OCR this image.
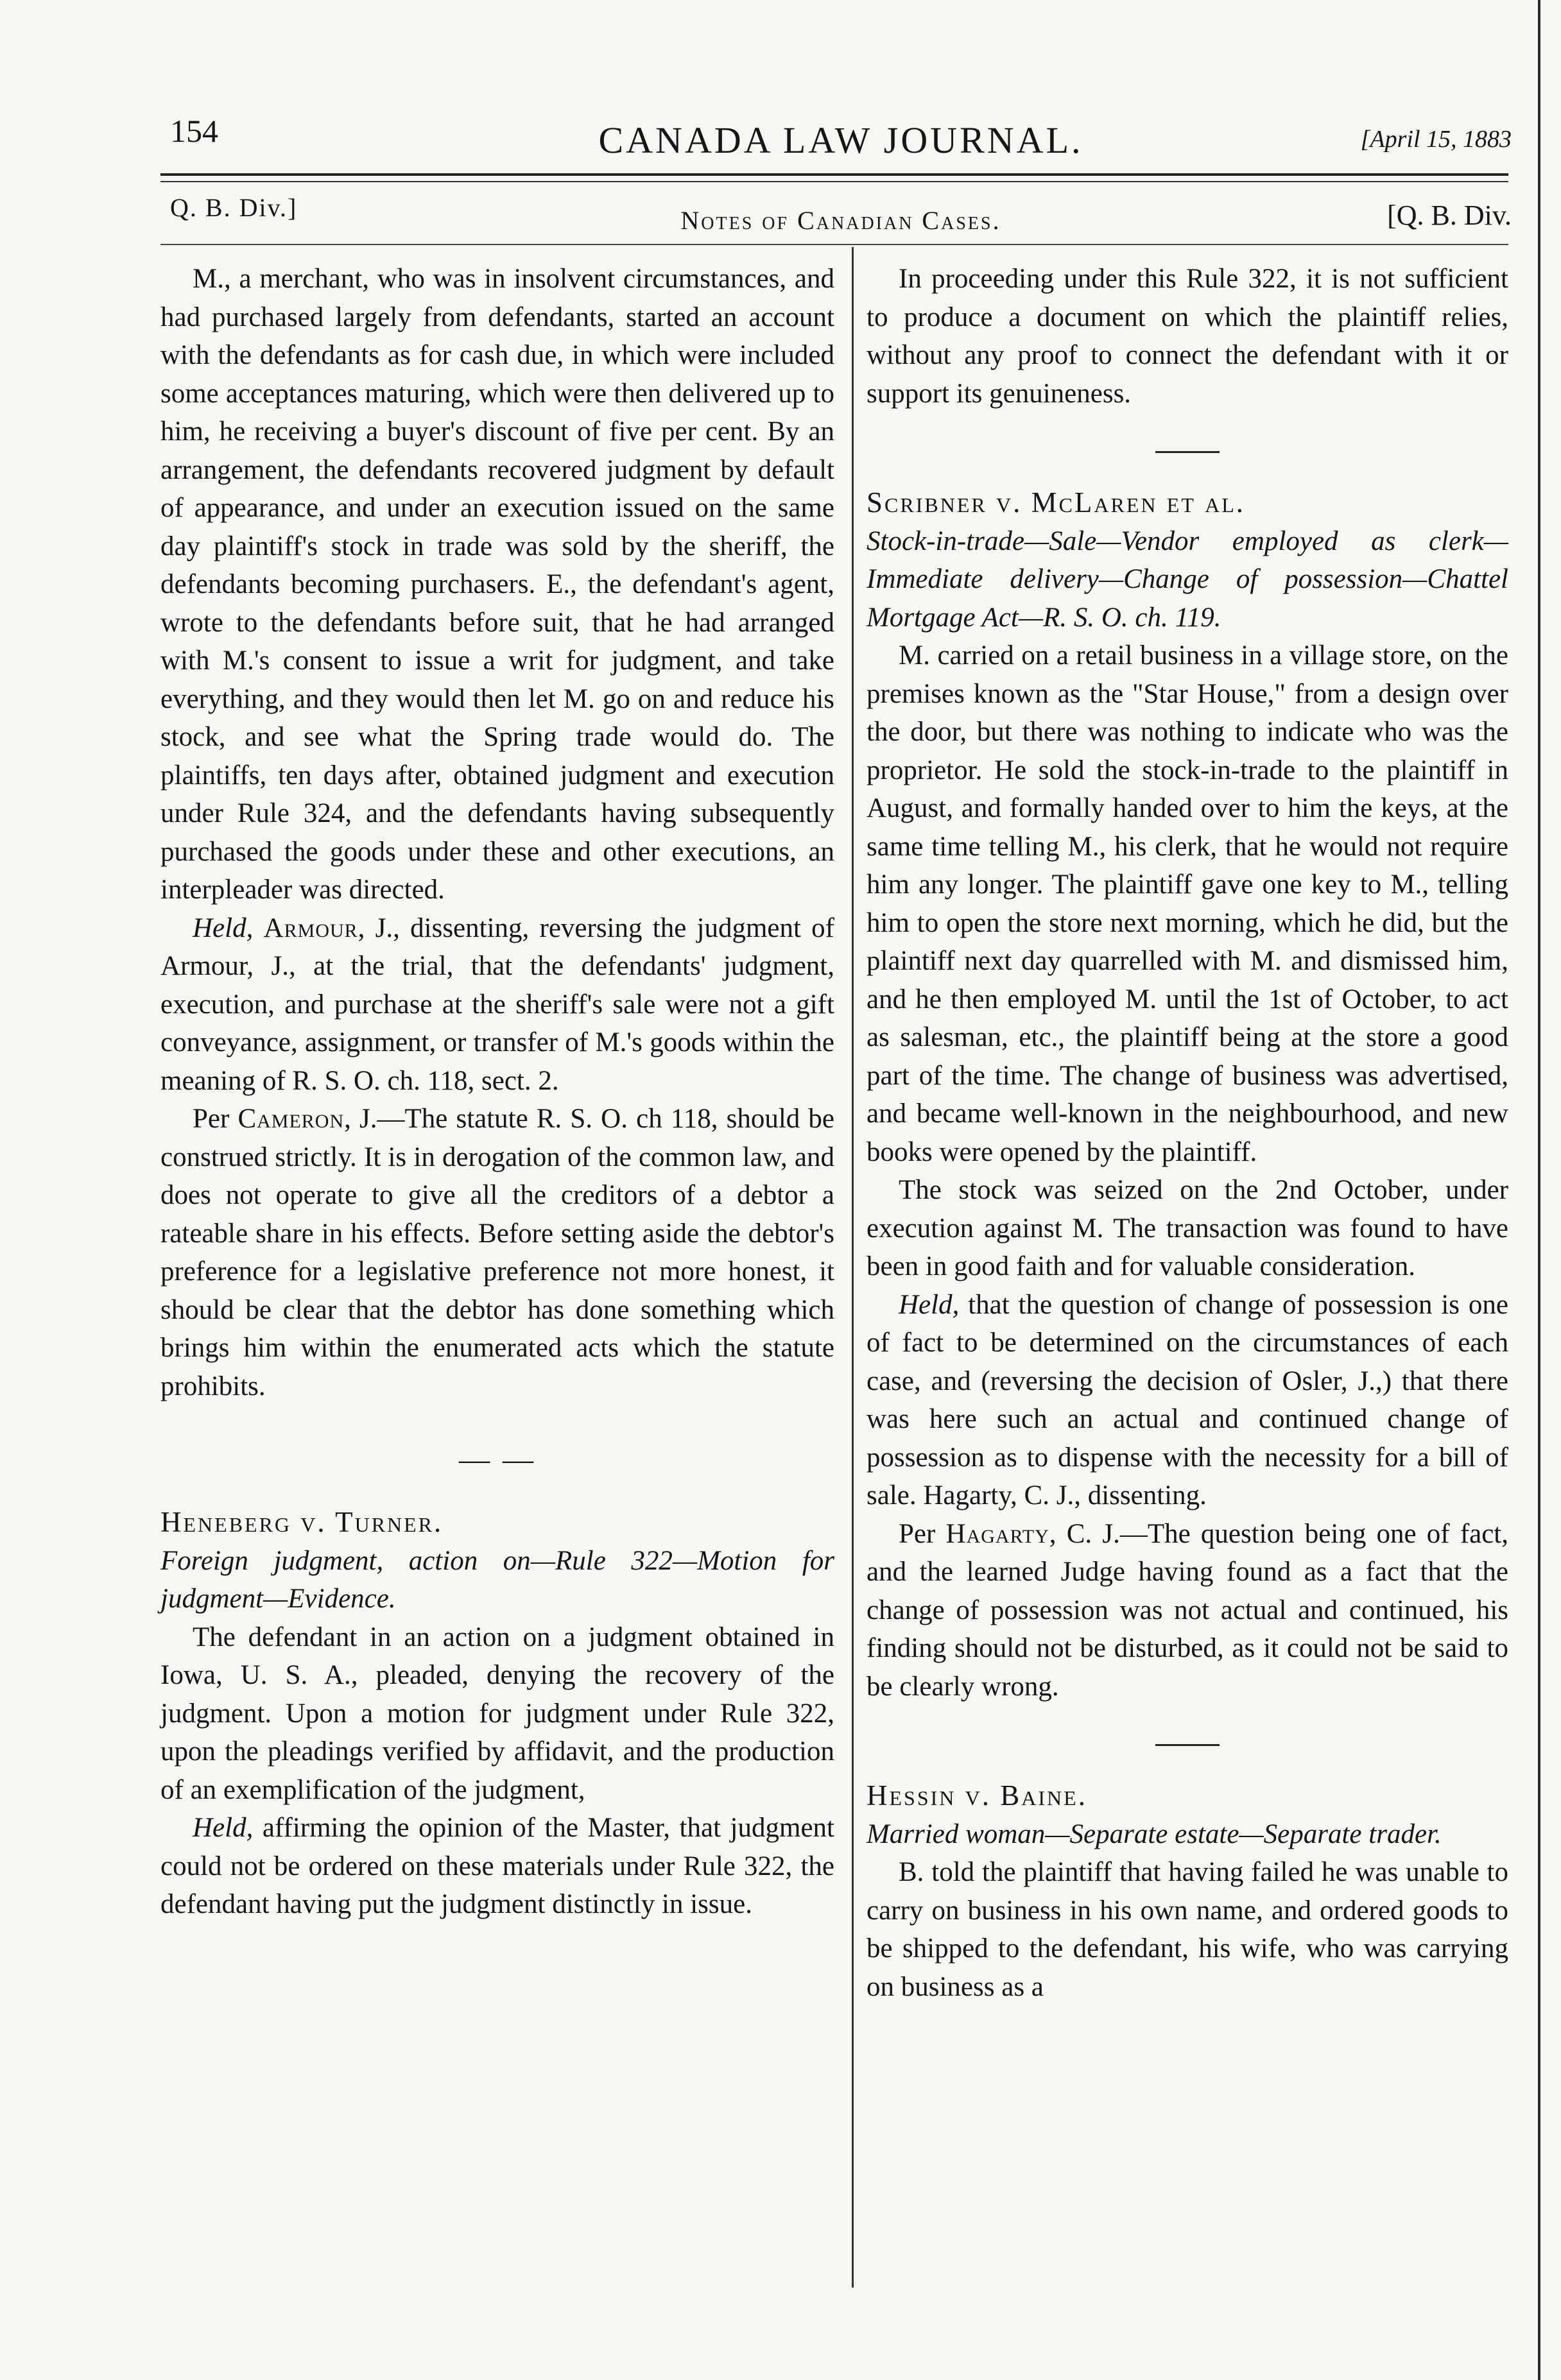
154	CANADA LAW JOURNAL.	[April 15, 1883
Q. B. Div.]	Notes of Canadian Cases.	[Q. B. Div.

M., a merchant, who was in insolvent circumstances, and had purchased largely from defendants, started an account with the defendants as for cash due, in which were included some acceptances maturing, which were then delivered up to him, he receiving a buyer's discount of five per cent. By an arrangement, the defendants recovered judgment by default of appearance, and under an execution issued on the same day plaintiff's stock in trade was sold by the sheriff, the defendants becoming purchasers. E., the defendant's agent, wrote to the defendants before suit, that he had arranged with M.'s consent to issue a writ for judgment, and take everything, and they would then let M. go on and reduce his stock, and see what the Spring trade would do. The plaintiffs, ten days after, obtained judgment and execution under Rule 324, and the defendants having subsequently purchased the goods under these and other executions, an interpleader was directed.

Held, Armour, J., dissenting, reversing the judgment of Armour, J., at the trial, that the defendants' judgment, execution, and purchase at the sheriff's sale were not a gift conveyance, assignment, or transfer of M.'s goods within the meaning of R. S. O. ch. 118, sect. 2.

Per Cameron, J.—The statute R. S. O. ch 118, should be construed strictly. It is in derogation of the common law, and does not operate to give all the creditors of a debtor a rateable share in his effects. Before setting aside the debtor's preference for a legislative preference not more honest, it should be clear that the debtor has done something which brings him within the enumerated acts which the statute prohibits.

— —

Heneberg v. Turner.

Foreign judgment, action on—Rule 322—Motion for judgment—Evidence.

The defendant in an action on a judgment obtained in Iowa, U. S. A., pleaded, denying the recovery of the judgment. Upon a motion for judgment under Rule 322, upon the pleadings verified by affidavit, and the production of an exemplification of the judgment,

Held, affirming the opinion of the Master, that judgment could not be ordered on these materials under Rule 322, the defendant having put the judgment distinctly in issue.

In proceeding under this Rule 322, it is not sufficient to produce a document on which the plaintiff relies, without any proof to connect the defendant with it or support its genuineness.

Scribner v. McLaren et al.

Stock-in-trade—Sale—Vendor employed as clerk—Immediate delivery—Change of possession—Chattel Mortgage Act—R. S. O. ch. 119.

M. carried on a retail business in a village store, on the premises known as the "Star House," from a design over the door, but there was nothing to indicate who was the proprietor. He sold the stock-in-trade to the plaintiff in August, and formally handed over to him the keys, at the same time telling M., his clerk, that he would not require him any longer. The plaintiff gave one key to M., telling him to open the store next morning, which he did, but the plaintiff next day quarrelled with M. and dismissed him, and he then employed M. until the 1st of October, to act as salesman, etc., the plaintiff being at the store a good part of the time. The change of business was advertised, and became well-known in the neighbourhood, and new books were opened by the plaintiff.

The stock was seized on the 2nd October, under execution against M. The transaction was found to have been in good faith and for valuable consideration.

Held, that the question of change of possession is one of fact to be determined on the circumstances of each case, and (reversing the decision of Osler, J.,) that there was here such an actual and continued change of possession as to dispense with the necessity for a bill of sale. Hagarty, C. J., dissenting.

Per Hagarty, C. J.—The question being one of fact, and the learned Judge having found as a fact that the change of possession was not actual and continued, his finding should not be disturbed, as it could not be said to be clearly wrong.

Hessin v. Baine.

Married woman—Separate estate—Separate trader.

B. told the plaintiff that having failed he was unable to carry on business in his own name, and ordered goods to be shipped to the defendant, his wife, who was carrying on business as a
